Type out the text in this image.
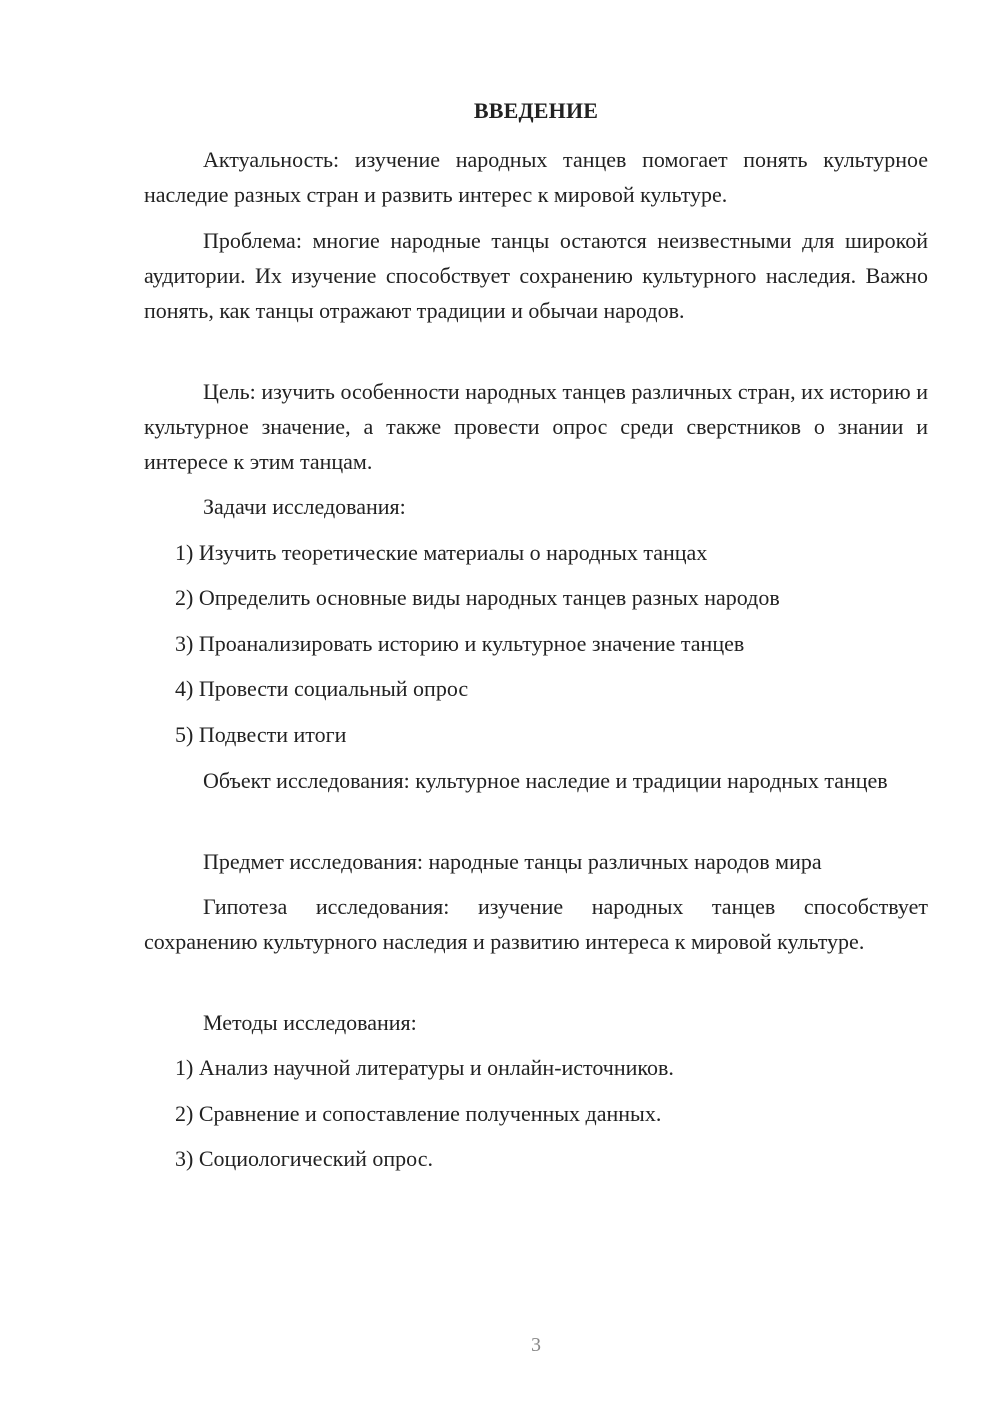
ВВЕДЕНИЕ
Актуальность: изучение народных танцев помогает понять культурное наследие разных стран и развить интерес к мировой культуре.
Проблема: многие народные танцы остаются неизвестными для широкой аудитории. Их изучение способствует сохранению культурного наследия. Важно понять, как танцы отражают традиции и обычаи народов.
Цель: изучить особенности народных танцев различных стран, их историю и культурное значение, а также провести опрос среди сверстников о знании и интересе к этим танцам.
Задачи исследования:
1) Изучить теоретические материалы о народных танцах
2) Определить основные виды народных танцев разных народов
3) Проанализировать историю и культурное значение танцев
4) Провести социальный опрос
5) Подвести итоги
Объект исследования: культурное наследие и традиции народных танцев
Предмет исследования: народные танцы различных народов мира
Гипотеза исследования: изучение народных танцев способствует сохранению культурного наследия и развитию интереса к мировой культуре.
Методы исследования:
1) Анализ научной литературы и онлайн-источников.
2) Сравнение и сопоставление полученных данных.
3) Социологический опрос.
3
